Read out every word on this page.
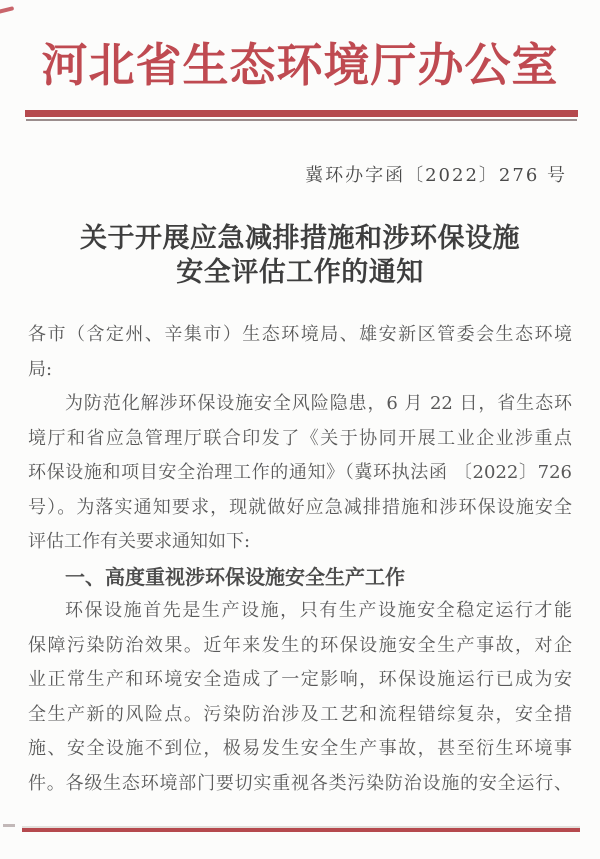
河北省生态环境厅办公室
冀环办字函〔2022〕276 号
关于开展应急减排措施和涉环保设施
安全评估工作的通知
各市（含定州、辛集市）生态环境局、雄安新区管委会生态环境
局:
为防范化解涉环保设施安全风险隐患，6 月 22 日，省生态环
境厅和省应急管理厅联合印发了《关于协同开展工业企业涉重点
环保设施和项目安全治理工作的通知》（冀环执法函 〔2022〕726
号）。为落实通知要求，现就做好应急减排措施和涉环保设施安全
评估工作有关要求通知如下:
一、高度重视涉环保设施安全生产工作
环保设施首先是生产设施，只有生产设施安全稳定运行才能
保障污染防治效果。近年来发生的环保设施安全生产事故，对企
业正常生产和环境安全造成了一定影响，环保设施运行已成为安
全生产新的风险点。污染防治涉及工艺和流程错综复杂，安全措
施、安全设施不到位，极易发生安全生产事故，甚至衍生环境事
件。各级生态环境部门要切实重视各类污染防治设施的安全运行、
